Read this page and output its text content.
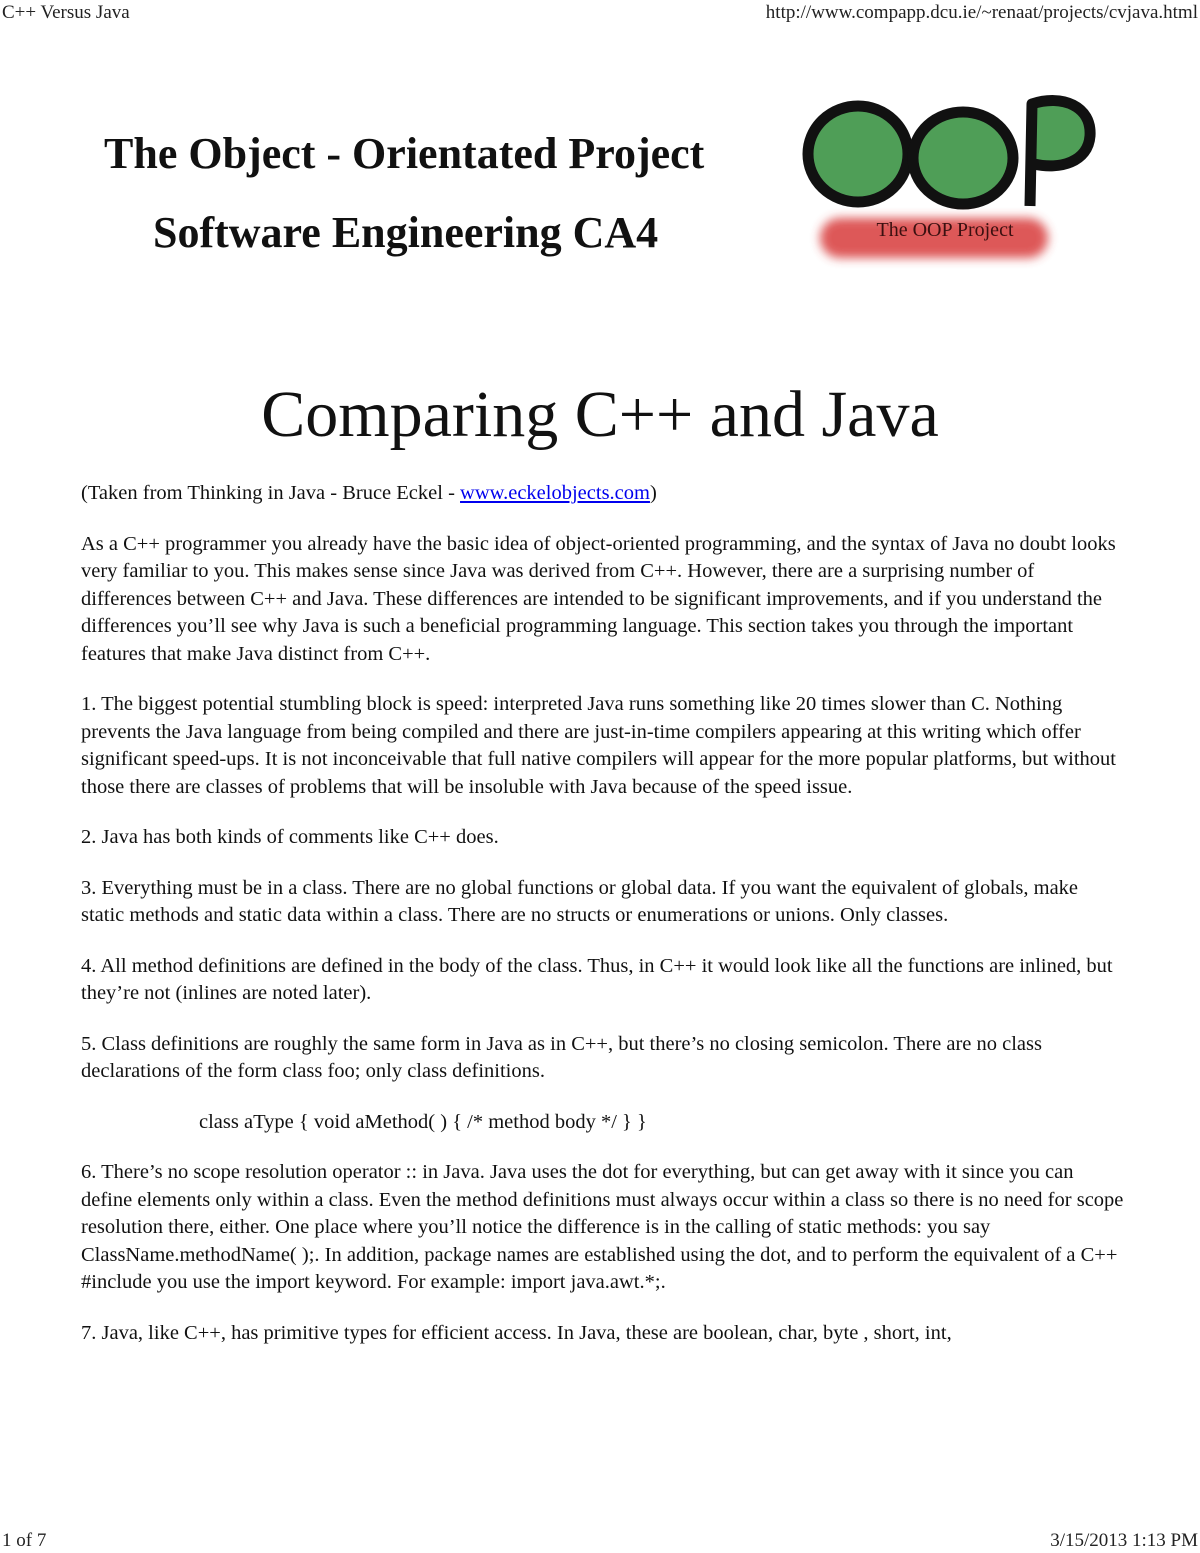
C++ Versus Java	http://www.compapp.dcu.ie/~renaat/projects/cvjava.html
The Object - Orientated Project
Software Engineering CA4	The OOP Project
Comparing C++ and Java

(Taken from Thinking in Java - Bruce Eckel - www.eckelobjects.com)

As a C++ programmer you already have the basic idea of object-oriented programming, and the syntax of Java no doubt looks very familiar to you. This makes sense since Java was derived from C++. However, there are a surprising number of differences between C++ and Java. These differences are intended to be significant improvements, and if you understand the differences you’ll see why Java is such a beneficial programming language. This section takes you through the important features that make Java distinct from C++.

1. The biggest potential stumbling block is speed: interpreted Java runs something like 20 times slower than C. Nothing prevents the Java language from being compiled and there are just-in-time compilers appearing at this writing which offer significant speed-ups. It is not inconceivable that full native compilers will appear for the more popular platforms, but without those there are classes of problems that will be insoluble with Java because of the speed issue.

2. Java has both kinds of comments like C++ does.

3. Everything must be in a class. There are no global functions or global data. If you want the equivalent of globals, make static methods and static data within a class. There are no structs or enumerations or unions. Only classes.

4. All method definitions are defined in the body of the class. Thus, in C++ it would look like all the functions are inlined, but they’re not (inlines are noted later).

5. Class definitions are roughly the same form in Java as in C++, but there’s no closing semicolon. There are no class declarations of the form class foo; only class definitions.

class aType { void aMethod( ) { /* method body */ } }

6. There’s no scope resolution operator :: in Java. Java uses the dot for everything, but can get away with it since you can define elements only within a class. Even the method definitions must always occur within a class so there is no need for scope resolution there, either. One place where you’ll notice the difference is in the calling of static methods: you say ClassName.methodName( );. In addition, package names are established using the dot, and to perform the equivalent of a C++ #include you use the import keyword. For example: import java.awt.*;.

7. Java, like C++, has primitive types for efficient access. In Java, these are boolean, char, byte , short, int,

1 of 7	3/15/2013 1:13 PM
